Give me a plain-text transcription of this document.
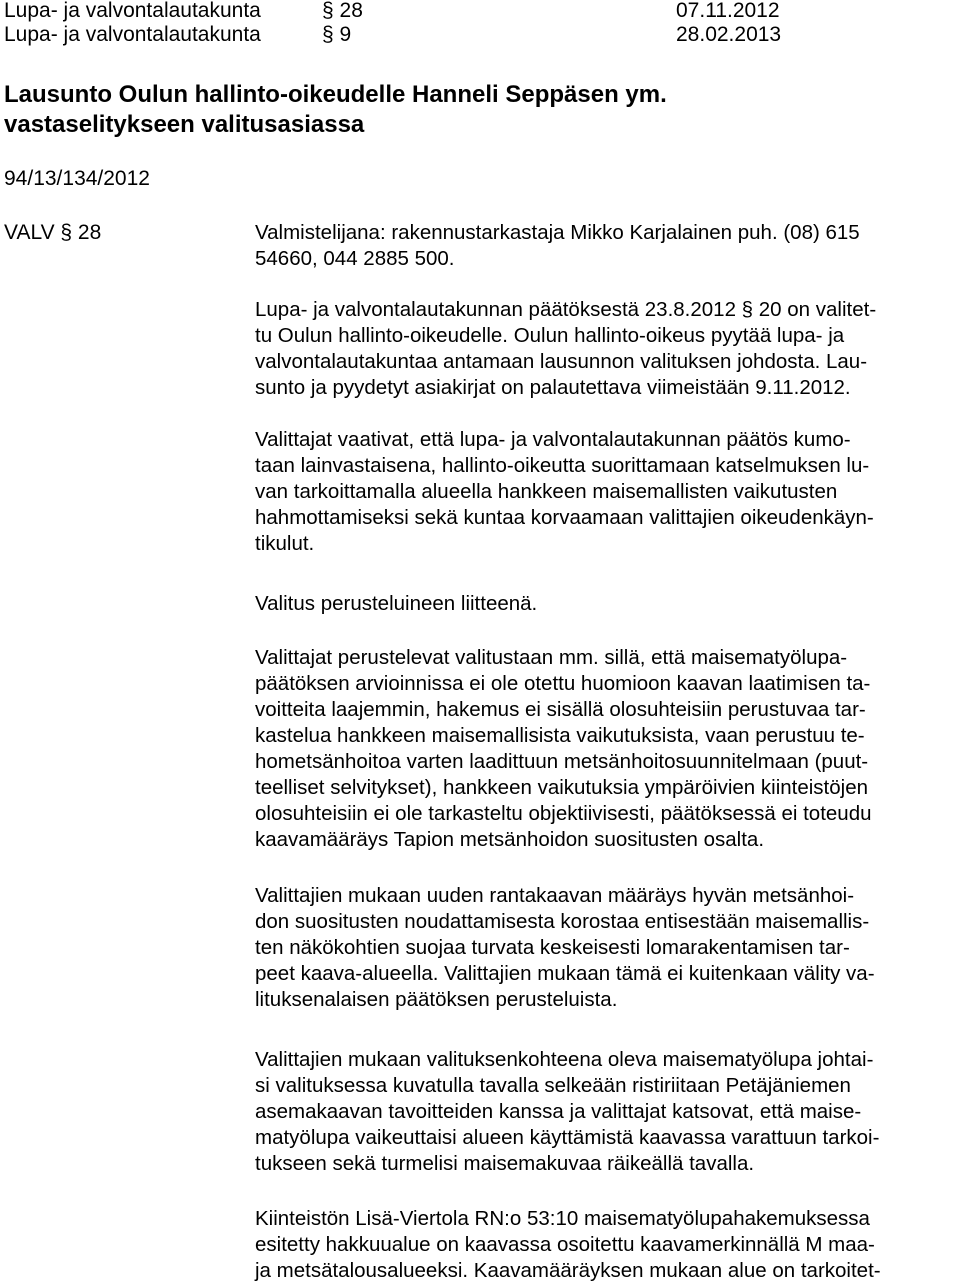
Lupa- ja valvontalautakunta	§ 28	07.11.2012
Lupa- ja valvontalautakunta	§ 9	28.02.2013
Lausunto Oulun hallinto-oikeudelle Hanneli Seppäsen ym.
vastaselitykseen valitusasiassa
94/13/134/2012
VALV § 28	Valmistelijana: rakennustarkastaja Mikko Karjalainen puh. (08) 615
54660, 044 2885 500.
Lupa- ja valvontalautakunnan päätöksestä 23.8.2012 § 20 on valitet-
tu Oulun hallinto-oikeudelle. Oulun hallinto-oikeus pyytää lupa- ja
valvontalautakuntaa antamaan lausunnon valituksen johdosta. Lau-
sunto ja pyydetyt asiakirjat on palautettava viimeistään 9.11.2012.
Valittajat vaativat, että lupa- ja valvontalautakunnan päätös kumo-
taan lainvastaisena, hallinto-oikeutta suorittamaan katselmuksen lu-
van tarkoittamalla alueella hankkeen maisemallisten vaikutusten
hahmottamiseksi sekä kuntaa korvaamaan valittajien oikeudenkäyn-
tikulut.
Valitus perusteluineen liitteenä.
Valittajat perustelevat valitustaan mm. sillä, että maisematyölupa-
päätöksen arvioinnissa ei ole otettu huomioon kaavan laatimisen ta-
voitteita laajemmin, hakemus ei sisällä olosuhteisiin perustuvaa tar-
kastelua hankkeen maisemallisista vaikutuksista, vaan perustuu te-
hometsänhoitoa varten laadittuun metsänhoitosuunnitelmaan (puut-
teelliset selvitykset), hankkeen vaikutuksia ympäröivien kiinteistöjen
olosuhteisiin ei ole tarkasteltu objektiivisesti, päätöksessä ei toteudu
kaavamääräys Tapion metsänhoidon suositusten osalta.
Valittajien mukaan uuden rantakaavan määräys hyvän metsänhoi-
don suositusten noudattamisesta korostaa entisestään maisemallis-
ten näkökohtien suojaa turvata keskeisesti lomarakentamisen tar-
peet kaava-alueella. Valittajien mukaan tämä ei kuitenkaan välity va-
lituksenalaisen päätöksen perusteluista.
Valittajien mukaan valituksenkohteena oleva maisematyölupa johtai-
si valituksessa kuvatulla tavalla selkeään ristiriitaan Petäjäniemen
asemakaavan tavoitteiden kanssa ja valittajat katsovat, että maise-
matyölupa vaikeuttaisi alueen käyttämistä kaavassa varattuun tarkoi-
tukseen sekä turmelisi maisemakuvaa räikeällä tavalla.
Kiinteistön Lisä-Viertola RN:o 53:10 maisematyölupahakemuksessa
esitetty hakkuualue on kaavassa osoitettu kaavamerkinnällä M maa-
ja metsätalousalueeksi. Kaavamääräyksen mukaan alue on tarkoitet-
